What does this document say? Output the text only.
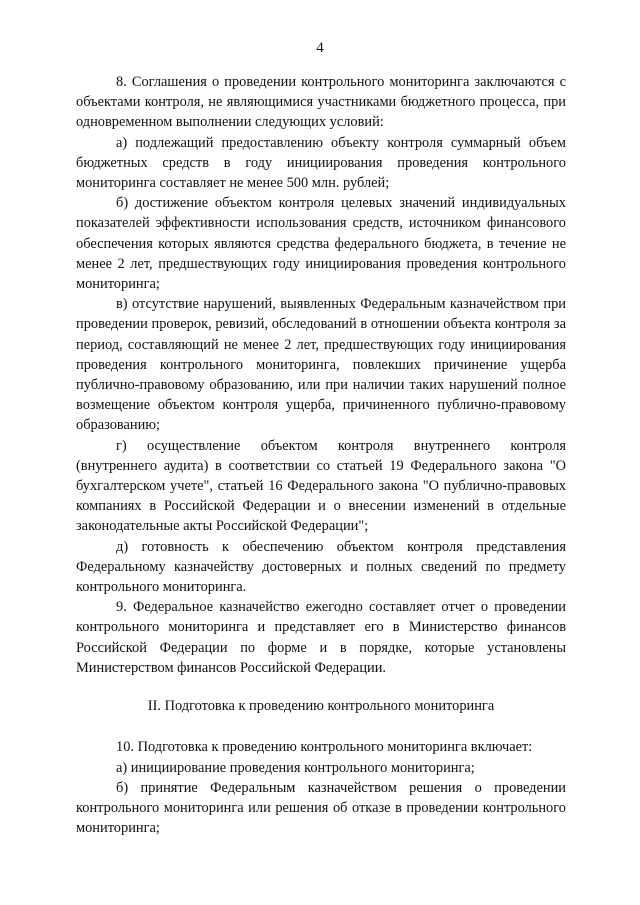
4

8. Соглашения о проведении контрольного мониторинга заключаются с объектами контроля, не являющимися участниками бюджетного процесса, при одновременном выполнении следующих условий:

а) подлежащий предоставлению объекту контроля суммарный объем бюджетных средств в году инициирования проведения контрольного мониторинга составляет не менее 500 млн. рублей;

б) достижение объектом контроля целевых значений индивидуальных показателей эффективности использования средств, источником финансового обеспечения которых являются средства федерального бюджета, в течение не менее 2 лет, предшествующих году инициирования проведения контрольного мониторинга;

в) отсутствие нарушений, выявленных Федеральным казначейством при проведении проверок, ревизий, обследований в отношении объекта контроля за период, составляющий не менее 2 лет, предшествующих году инициирования проведения контрольного мониторинга, повлекших причинение ущерба публично-правовому образованию, или при наличии таких нарушений полное возмещение объектом контроля ущерба, причиненного публично-правовому образованию;

г) осуществление объектом контроля внутреннего контроля (внутреннего аудита) в соответствии со статьей 19 Федерального закона "О бухгалтерском учете", статьей 16 Федерального закона "О публично-правовых компаниях в Российской Федерации и о внесении изменений в отдельные законодательные акты Российской Федерации";

д) готовность к обеспечению объектом контроля представления Федеральному казначейству достоверных и полных сведений по предмету контрольного мониторинга.

9. Федеральное казначейство ежегодно составляет отчет о проведении контрольного мониторинга и представляет его в Министерство финансов Российской Федерации по форме и в порядке, которые установлены Министерством финансов Российской Федерации.

II. Подготовка к проведению контрольного мониторинга

10. Подготовка к проведению контрольного мониторинга включает:

а) инициирование проведения контрольного мониторинга;

б) принятие Федеральным казначейством решения о проведении контрольного мониторинга или решения об отказе в проведении контрольного мониторинга;
